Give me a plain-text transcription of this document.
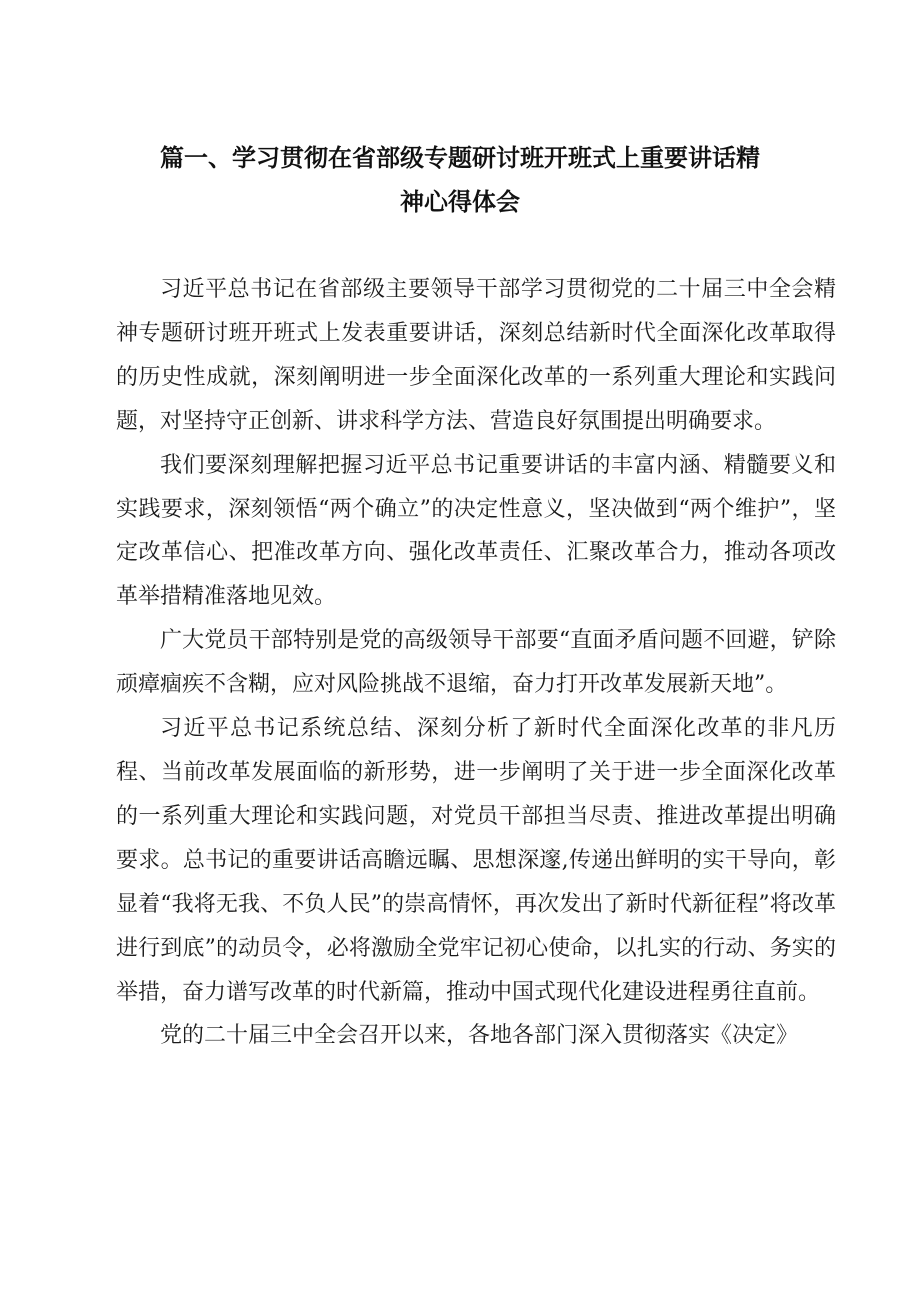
篇一、学习贯彻在省部级专题研讨班开班式上重要讲话精
神心得体会

习近平总书记在省部级主要领导干部学习贯彻党的二十届三中全会精神专题研讨班开班式上发表重要讲话，深刻总结新时代全面深化改革取得的历史性成就，深刻阐明进一步全面深化改革的一系列重大理论和实践问题，对坚持守正创新、讲求科学方法、营造良好氛围提出明确要求。

我们要深刻理解把握习近平总书记重要讲话的丰富内涵、精髓要义和实践要求，深刻领悟“两个确立”的决定性意义，坚决做到“两个维护”，坚定改革信心、把准改革方向、强化改革责任、汇聚改革合力，推动各项改革举措精准落地见效。

广大党员干部特别是党的高级领导干部要“直面矛盾问题不回避，铲除顽瘴痼疾不含糊，应对风险挑战不退缩，奋力打开改革发展新天地”。

习近平总书记系统总结、深刻分析了新时代全面深化改革的非凡历程、当前改革发展面临的新形势，进一步阐明了关于进一步全面深化改革的一系列重大理论和实践问题，对党员干部担当尽责、推进改革提出明确要求。总书记的重要讲话高瞻远瞩、思想深邃,传递出鲜明的实干导向，彰显着“我将无我、不负人民”的崇高情怀，再次发出了新时代新征程”将改革进行到底”的动员令，必将激励全党牢记初心使命，以扎实的行动、务实的举措，奋力谱写改革的时代新篇，推动中国式现代化建设进程勇往直前。

党的二十届三中全会召开以来，各地各部门深入贯彻落实《决定》
